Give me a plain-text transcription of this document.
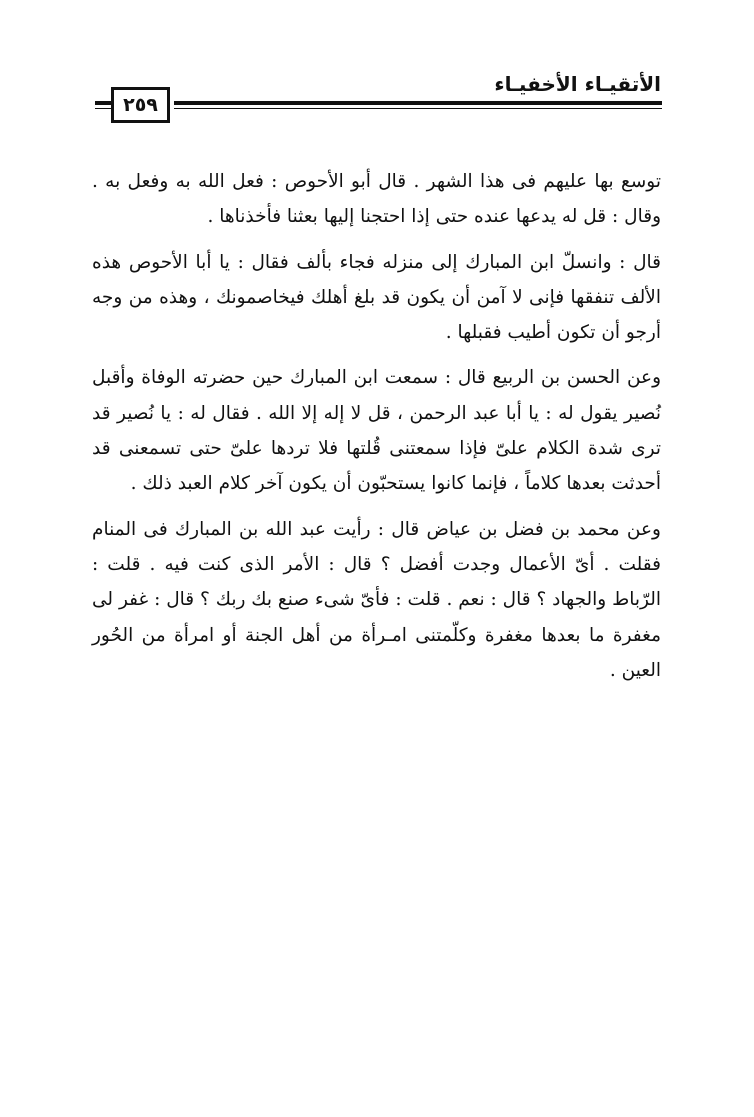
الأتقيـاء الأخفيـاء
٢٥٩

توسع بها عليهم فى هذا الشهر . قال أبو الأحوص : فعل الله به وفعل به . وقال : قل له يدعها عنده حتى إذا احتجنا إليها بعثنا فأخذناها .

قال : وانسلّ ابن المبارك إلى منزله فجاء بألف فقال : يا أبا الأحوص هذه الألف تنفقها فإنى لا آمن أن يكون قد بلغ أهلك فيخاصمونك ، وهذه من وجه أرجو أن تكون أطيب فقبلها .

وعن الحسن بن الربيع قال : سمعت ابن المبارك حين حضرته الوفاة وأقبل نُصير يقول له : يا أبا عبد الرحمن ، قل لا إله إلا الله . فقال له : يا نُصير قد ترى شدة الكلام علىّ فإذا سمعتنى قُلتها فلا تردها علىّ حتى تسمعنى قد أحدثت بعدها كلاماً ، فإنما كانوا يستحبّون أن يكون آخر كلام العبد ذلك .

وعن محمد بن فضل بن عياض قال : رأيت عبد الله بن المبارك فى المنام فقلت . أىّ الأعمال وجدت أفضل ؟ قال : الأمر الذى كنت فيه . قلت : الرّباط والجهاد ؟ قال : نعم . قلت : فأىّ شىء صنع بك ربك ؟ قال : غفر لى مغفرة ما بعدها مغفرة وكلّمتنى امـرأة من أهل الجنة أو امرأة من الحُور العين .
